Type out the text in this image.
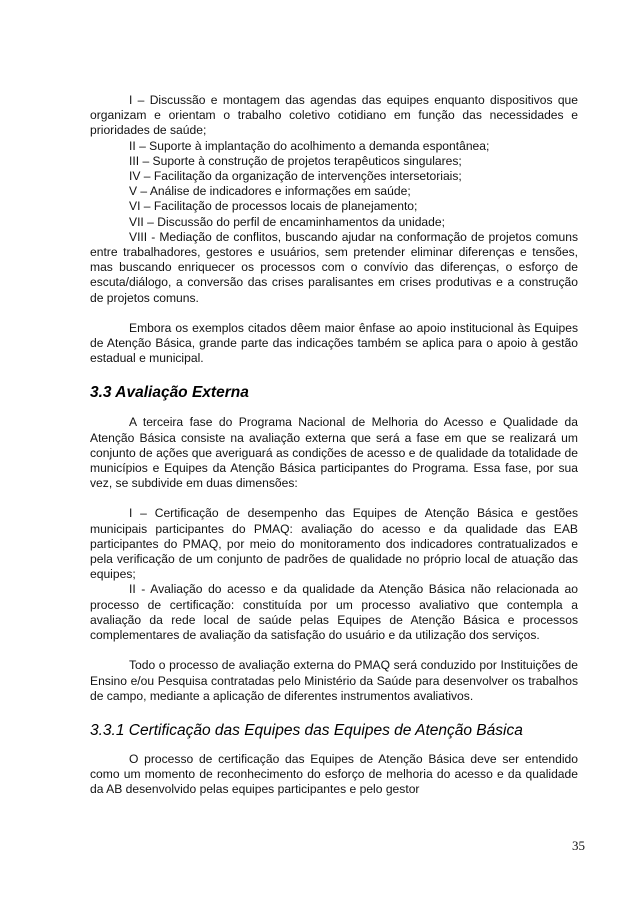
I – Discussão e montagem das agendas das equipes enquanto dispositivos que organizam e orientam o trabalho coletivo cotidiano em função das necessidades e prioridades de saúde;

II – Suporte à implantação do acolhimento a demanda espontânea;

III – Suporte à construção de projetos terapêuticos singulares;

IV – Facilitação da organização de intervenções intersetoriais;

V – Análise de indicadores e informações em saúde;

VI – Facilitação de processos locais de planejamento;

VII – Discussão do perfil de encaminhamentos da unidade;

VIII - Mediação de conflitos, buscando ajudar na conformação de projetos comuns entre trabalhadores, gestores e usuários, sem pretender eliminar diferenças e tensões, mas buscando enriquecer os processos com o convívio das diferenças, o esforço de escuta/diálogo, a conversão das crises paralisantes em crises produtivas e a construção de projetos comuns.

Embora os exemplos citados dêem maior ênfase ao apoio institucional às Equipes de Atenção Básica, grande parte das indicações também se aplica para o apoio à gestão estadual e municipal.

3.3 Avaliação Externa

A terceira fase do Programa Nacional de Melhoria do Acesso e Qualidade da Atenção Básica consiste na avaliação externa que será a fase em que se realizará um conjunto de ações que averiguará as condições de acesso e de qualidade da totalidade de municípios e Equipes da Atenção Básica participantes do Programa. Essa fase, por sua vez, se subdivide em duas dimensões:

I – Certificação de desempenho das Equipes de Atenção Básica e gestões municipais participantes do PMAQ: avaliação do acesso e da qualidade das EAB participantes do PMAQ, por meio do monitoramento dos indicadores contratualizados e pela verificação de um conjunto de padrões de qualidade no próprio local de atuação das equipes;

II - Avaliação do acesso e da qualidade da Atenção Básica não relacionada ao processo de certificação: constituída por um processo avaliativo que contempla a avaliação da rede local de saúde pelas Equipes de Atenção Básica e processos complementares de avaliação da satisfação do usuário e da utilização dos serviços.

Todo o processo de avaliação externa do PMAQ será conduzido por Instituições de Ensino e/ou Pesquisa contratadas pelo Ministério da Saúde para desenvolver os trabalhos de campo, mediante a aplicação de diferentes instrumentos avaliativos.

3.3.1 Certificação das Equipes das Equipes de Atenção Básica

O processo de certificação das Equipes de Atenção Básica deve ser entendido como um momento de reconhecimento do esforço de melhoria do acesso e da qualidade da AB desenvolvido pelas equipes participantes e pelo gestor

35
